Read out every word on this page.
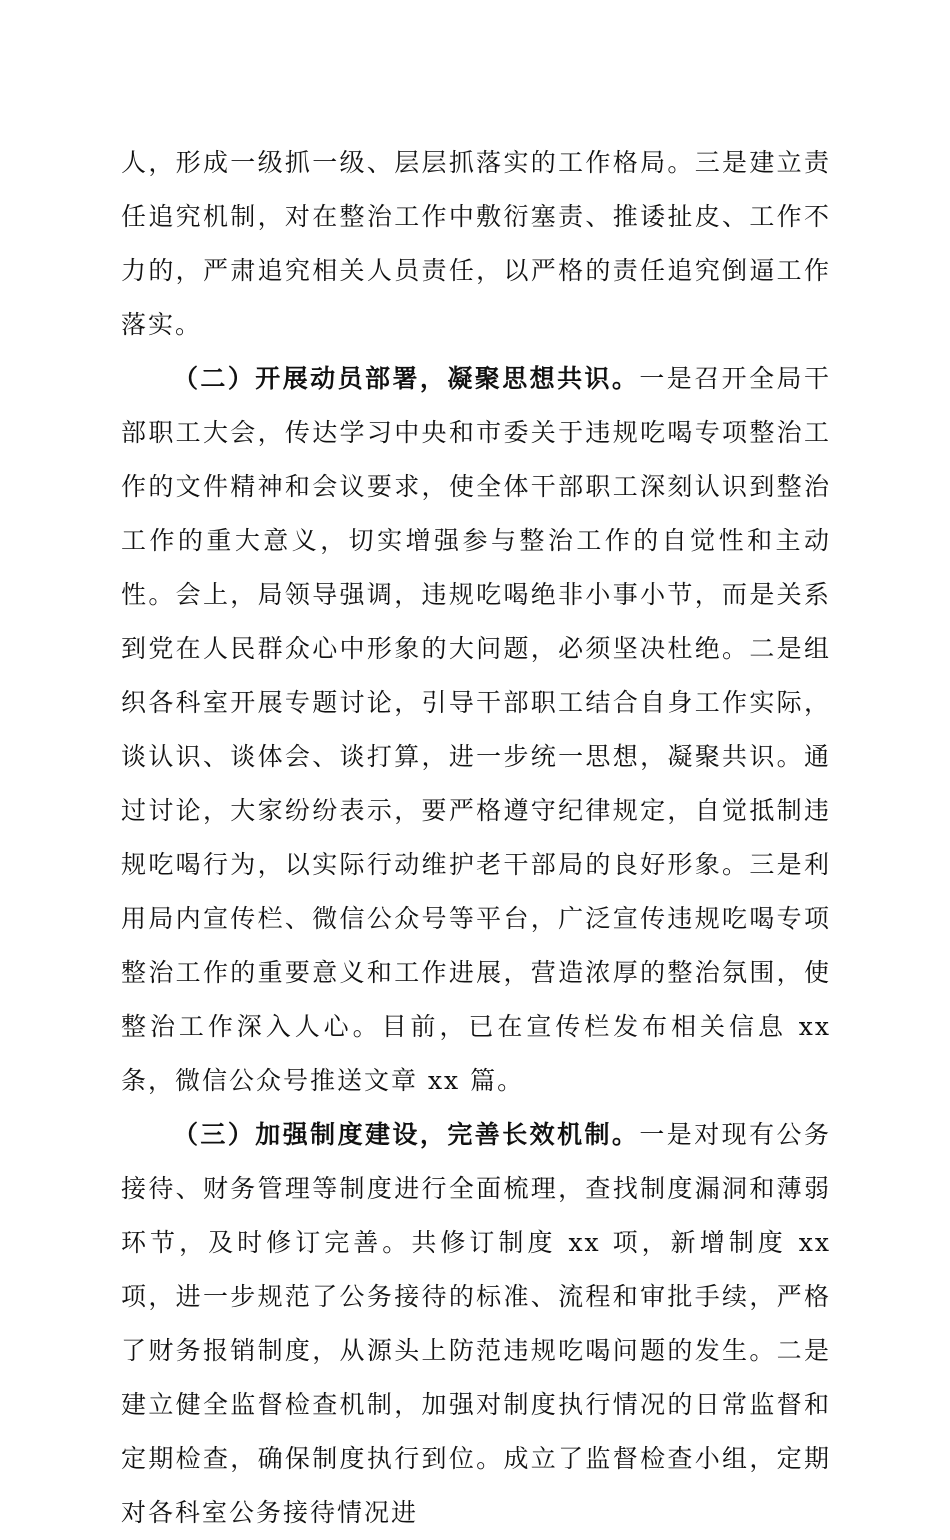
人，形成一级抓一级、层层抓落实的工作格局。三是建立责任追究机制，对在整治工作中敷衍塞责、推诿扯皮、工作不力的，严肃追究相关人员责任，以严格的责任追究倒逼工作落实。

（二）开展动员部署，凝聚思想共识。一是召开全局干部职工大会，传达学习中央和市委关于违规吃喝专项整治工作的文件精神和会议要求，使全体干部职工深刻认识到整治工作的重大意义，切实增强参与整治工作的自觉性和主动性。会上，局领导强调，违规吃喝绝非小事小节，而是关系到党在人民群众心中形象的大问题，必须坚决杜绝。二是组织各科室开展专题讨论，引导干部职工结合自身工作实际，谈认识、谈体会、谈打算，进一步统一思想，凝聚共识。通过讨论，大家纷纷表示，要严格遵守纪律规定，自觉抵制违规吃喝行为，以实际行动维护老干部局的良好形象。三是利用局内宣传栏、微信公众号等平台，广泛宣传违规吃喝专项整治工作的重要意义和工作进展，营造浓厚的整治氛围，使整治工作深入人心。目前，已在宣传栏发布相关信息 xx 条，微信公众号推送文章 xx 篇。

（三）加强制度建设，完善长效机制。一是对现有公务接待、财务管理等制度进行全面梳理，查找制度漏洞和薄弱环节，及时修订完善。共修订制度 xx 项，新增制度 xx 项，进一步规范了公务接待的标准、流程和审批手续，严格了财务报销制度，从源头上防范违规吃喝问题的发生。二是建立健全监督检查机制，加强对制度执行情况的日常监督和定期检查，确保制度执行到位。成立了监督检查小组，定期对各科室公务接待情况进
